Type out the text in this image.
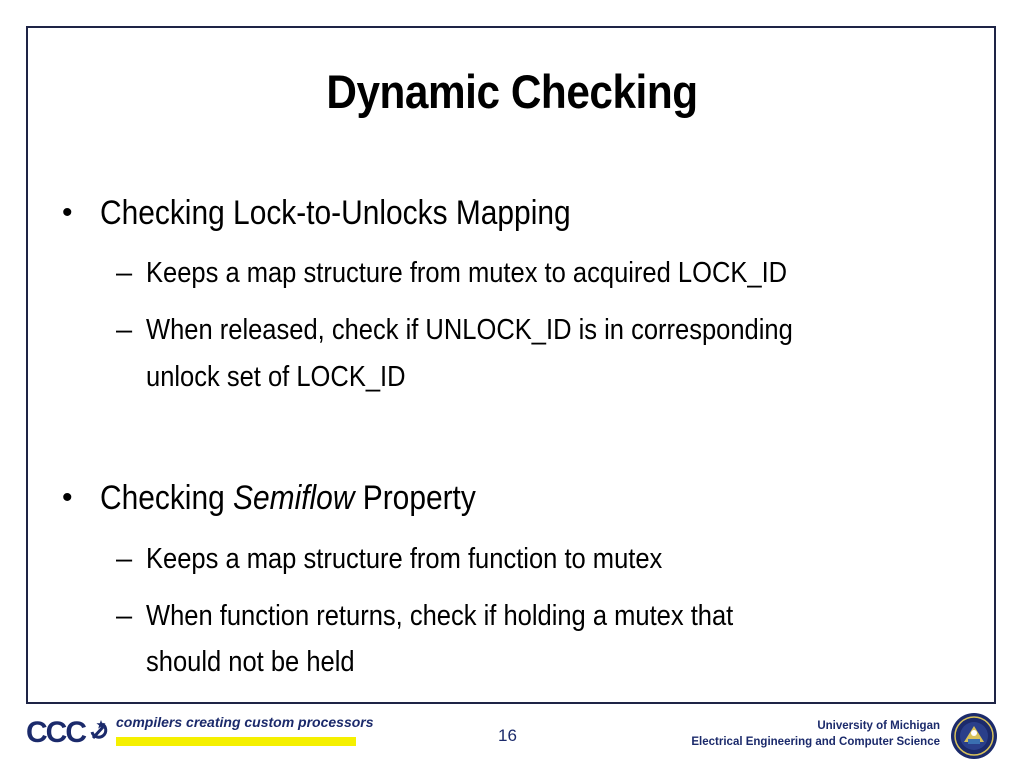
Dynamic Checking
• Checking Lock-to-Unlocks Mapping
– Keeps a map structure from mutex to acquired LOCK_ID
– When released, check if UNLOCK_ID is in corresponding
unlock set of LOCK_ID
• Checking Semiflow Property
– Keeps a map structure from function to mutex
– When function returns, check if holding a mutex that
should not be held
CCC compilers creating custom processors
16	University of Michigan
Electrical Engineering and Computer Science
